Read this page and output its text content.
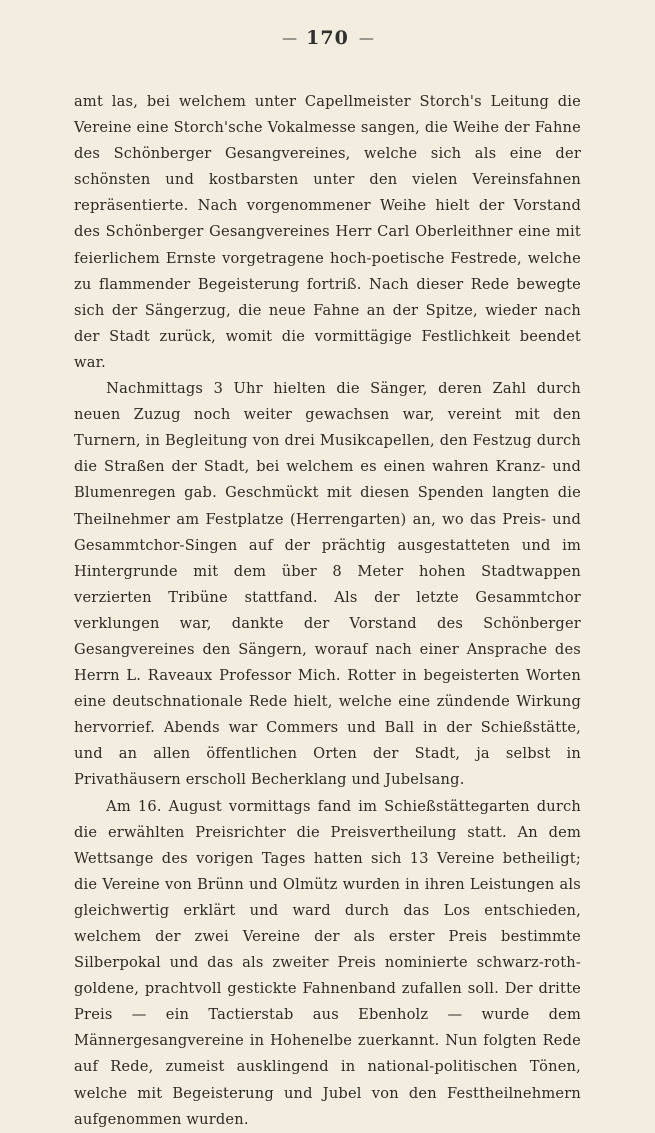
— 170 —

amt las, bei welchem unter Capellmeister Storch's Leitung die Vereine eine Storch'sche Vokalmesse sangen, die Weihe der Fahne des Schönberger Gesangvereines, welche sich als eine der schönsten und kostbarsten unter den vielen Vereinsfahnen repräsentierte. Nach vorgenommener Weihe hielt der Vorstand des Schönberger Gesangvereines Herr Carl Oberleithner eine mit feierlichem Ernste vorgetragene hoch-poetische Festrede, welche zu flammender Begeisterung fortriß. Nach dieser Rede bewegte sich der Sängerzug, die neue Fahne an der Spitze, wieder nach der Stadt zurück, womit die vormittägige Festlichkeit beendet war.

Nachmittags 3 Uhr hielten die Sänger, deren Zahl durch neuen Zuzug noch weiter gewachsen war, vereint mit den Turnern, in Begleitung von drei Musikcapellen, den Festzug durch die Straßen der Stadt, bei welchem es einen wahren Kranz- und Blumenregen gab. Geschmückt mit diesen Spenden langten die Theilnehmer am Festplatze (Herrengarten) an, wo das Preis- und Gesammtchor-Singen auf der prächtig ausgestatteten und im Hintergrunde mit dem über 8 Meter hohen Stadtwappen verzierten Tribüne stattfand. Als der letzte Gesammtchor verklungen war, dankte der Vorstand des Schönberger Gesangvereines den Sängern, worauf nach einer Ansprache des Herrn L. Raveaux Professor Mich. Rotter in begeisterten Worten eine deutschnationale Rede hielt, welche eine zündende Wirkung hervorrief. Abends war Commers und Ball in der Schießstätte, und an allen öffentlichen Orten der Stadt, ja selbst in Privathäusern erscholl Becherklang und Jubelsang.

Am 16. August vormittags fand im Schießstättegarten durch die erwählten Preisrichter die Preisvertheilung statt. An dem Wettsange des vorigen Tages hatten sich 13 Vereine betheiligt; die Vereine von Brünn und Olmütz wurden in ihren Leistungen als gleichwertig erklärt und ward durch das Los entschieden, welchem der zwei Vereine der als erster Preis bestimmte Silberpokal und das als zweiter Preis nominierte schwarz-roth-goldene, prachtvoll gestickte Fahnenband zufallen soll. Der dritte Preis — ein Tactierstab aus Ebenholz — wurde dem Männergesangvereine in Hohenelbe zuerkannt. Nun folgten Rede auf Rede, zumeist ausklingend in national-politischen Tönen, welche mit Begeisterung und Jubel von den Festtheilnehmern aufgenommen wurden.
